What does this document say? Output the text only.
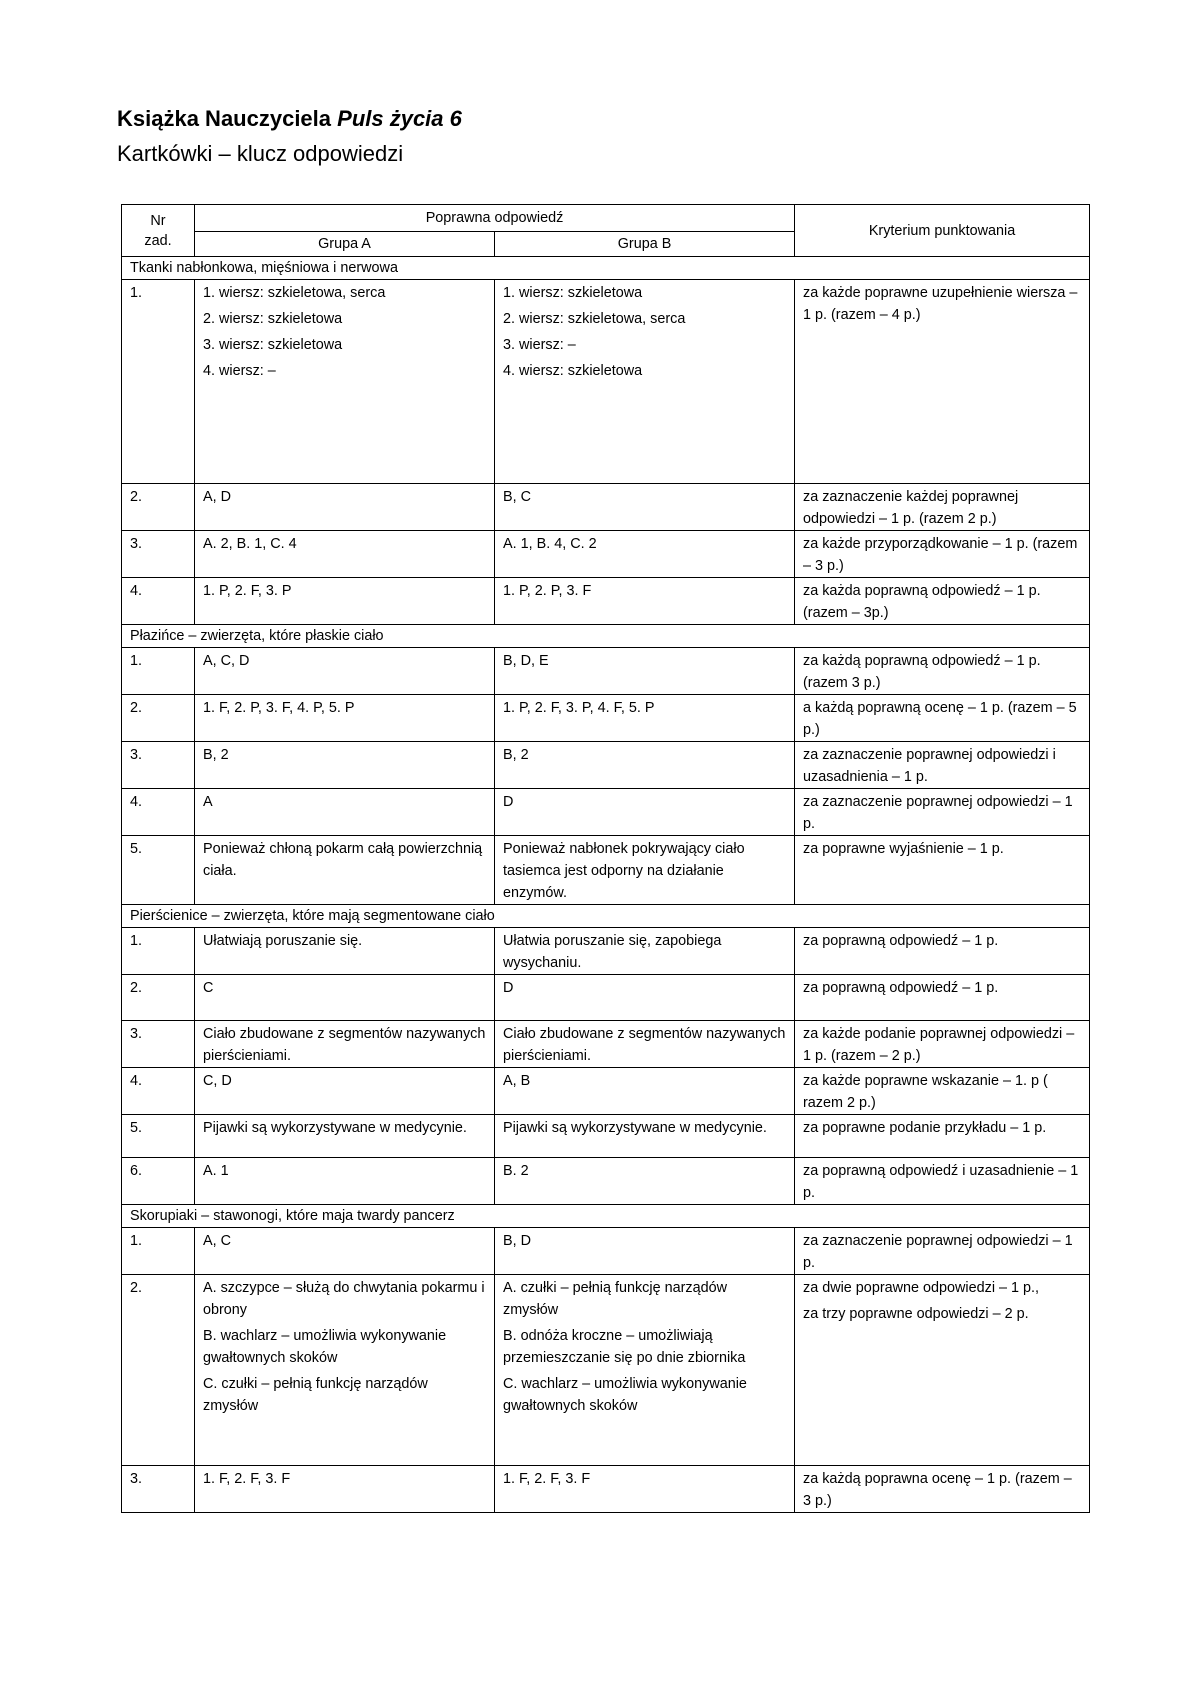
Książka Nauczyciela Puls życia 6
Kartkówki – klucz odpowiedzi
Nr
zad.	Poprawna odpowiedź		Kryterium punktowania
	Grupa A	Grupa B	
Tkanki nabłonkowa, mięśniowa i nerwowa			
1.	1. wiersz: szkieletowa, serca
2. wiersz: szkieletowa
3. wiersz: szkieletowa
4. wiersz: –	1. wiersz: szkieletowa
2. wiersz: szkieletowa, serca
3. wiersz: –
4. wiersz: szkieletowa	za każde poprawne uzupełnienie wiersza – 1 p. (razem – 4 p.)

2.	A, D	B, C	za zaznaczenie każdej poprawnej odpowiedzi – 1 p. (razem 2 p.)

3.	A. 2, B. 1, C. 4	A. 1, B. 4, C. 2	za każde przyporządkowanie – 1 p. (razem – 3 p.)

4.	1. P, 2. F, 3. P	1. P, 2. P, 3. F	za każda poprawną odpowiedź – 1 p. (razem – 3p.)

Płazińce – zwierzęta, które płaskie ciało			
1.	A, C, D	B, D, E	za każdą poprawną odpowiedź – 1 p. (razem 3 p.)

2.	1. F, 2. P, 3. F, 4. P, 5. P	1. P, 2. F, 3. P, 4. F, 5. P	a każdą poprawną ocenę – 1 p. (razem – 5 p.)

3.	B, 2	B, 2	za zaznaczenie poprawnej odpowiedzi i uzasadnienia – 1 p.

4.	A	D	za zaznaczenie poprawnej odpowiedzi – 1 p.

5.	Ponieważ chłoną pokarm całą powierzchnią ciała.	Ponieważ nabłonek pokrywający ciało tasiemca jest odporny na działanie enzymów.	za poprawne wyjaśnienie – 1 p.

Pierścienice – zwierzęta, które mają segmentowane ciało			
1.	Ułatwiają poruszanie się.	Ułatwia poruszanie się, zapobiega wysychaniu.	za poprawną odpowiedź – 1 p.

2.	C	D	za poprawną odpowiedź – 1 p.

3.	Ciało zbudowane z segmentów nazywanych pierścieniami.	Ciało zbudowane z segmentów nazywanych pierścieniami.	za każde podanie poprawnej odpowiedzi – 1 p. (razem – 2 p.)

4.	C, D	A, B	za każde poprawne wskazanie – 1. p ( razem 2 p.)

5.	Pijawki są wykorzystywane w medycynie.	Pijawki są wykorzystywane w medycynie.	za poprawne podanie przykładu – 1 p.

6.	A. 1	B. 2	za poprawną odpowiedź i uzasadnienie – 1 p.

Skorupiaki – stawonogi, które maja twardy pancerz			
1.	A, C	B, D	za zaznaczenie poprawnej odpowiedzi – 1 p.

2.	A. szczypce – służą do chwytania pokarmu i obrony
B. wachlarz – umożliwia wykonywanie gwałtownych skoków
C. czułki – pełnią funkcję narządów zmysłów	A. czułki – pełnią funkcję narządów zmysłów
B. odnóża kroczne – umożliwiają przemieszczanie się po dnie zbiornika
C. wachlarz – umożliwia wykonywanie gwałtownych skoków	za dwie poprawne odpowiedzi – 1 p.,
za trzy poprawne odpowiedzi – 2 p.

3.	1. F, 2. F, 3. F	1. F, 2. F, 3. F	za każdą poprawna ocenę – 1 p. (razem – 3 p.)
